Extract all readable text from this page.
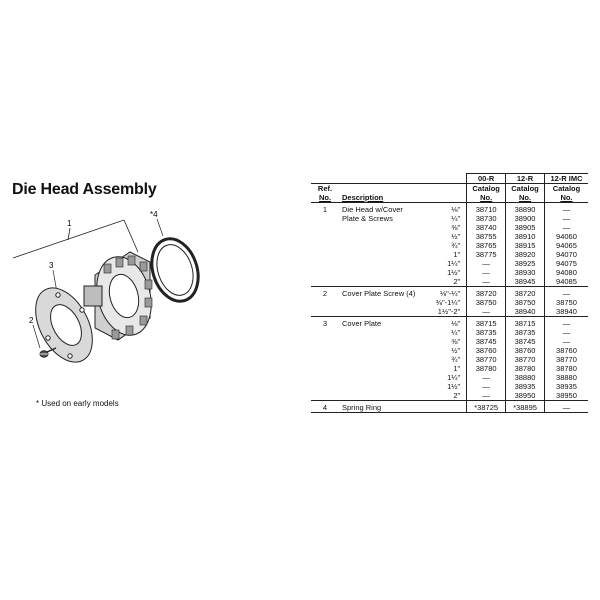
Die Head Assembly
1
*4
3
2
* Used on early models
			00-R	12-R	12-R IMC
Ref.			Catalog	Catalog	Catalog
No.	Description		No.	No.	No.
1	Die Head w/Cover	⅛"	38710	38890	—
	Plate & Screws	¼"	38730	38900	—
		⅜"	38740	38905	—
		½"	38755	38910	94060
		¾"	38765	38915	94065
		1"	38775	38920	94070
		1¼"	—	38925	94075
		1½"	—	38930	94080
		2"	—	38945	94085
2	Cover Plate Screw (4)	⅛"-¼"	38720	38720	—
		⅜"-1¼"	38750	38750	38750
		1½"-2"	—	38940	38940
3	Cover Plate	⅛"	38715	38715	—
		¼"	38735	38735	—
		⅜"	38745	38745	—
		½"	38760	38760	38760
		¾"	38770	38770	38770
		1"	38780	38780	38780
		1¼"	—	38880	38880
		1½"	—	38935	38935
		2"	—	38950	38950
4	Spring Ring		*38725	*38895	—
